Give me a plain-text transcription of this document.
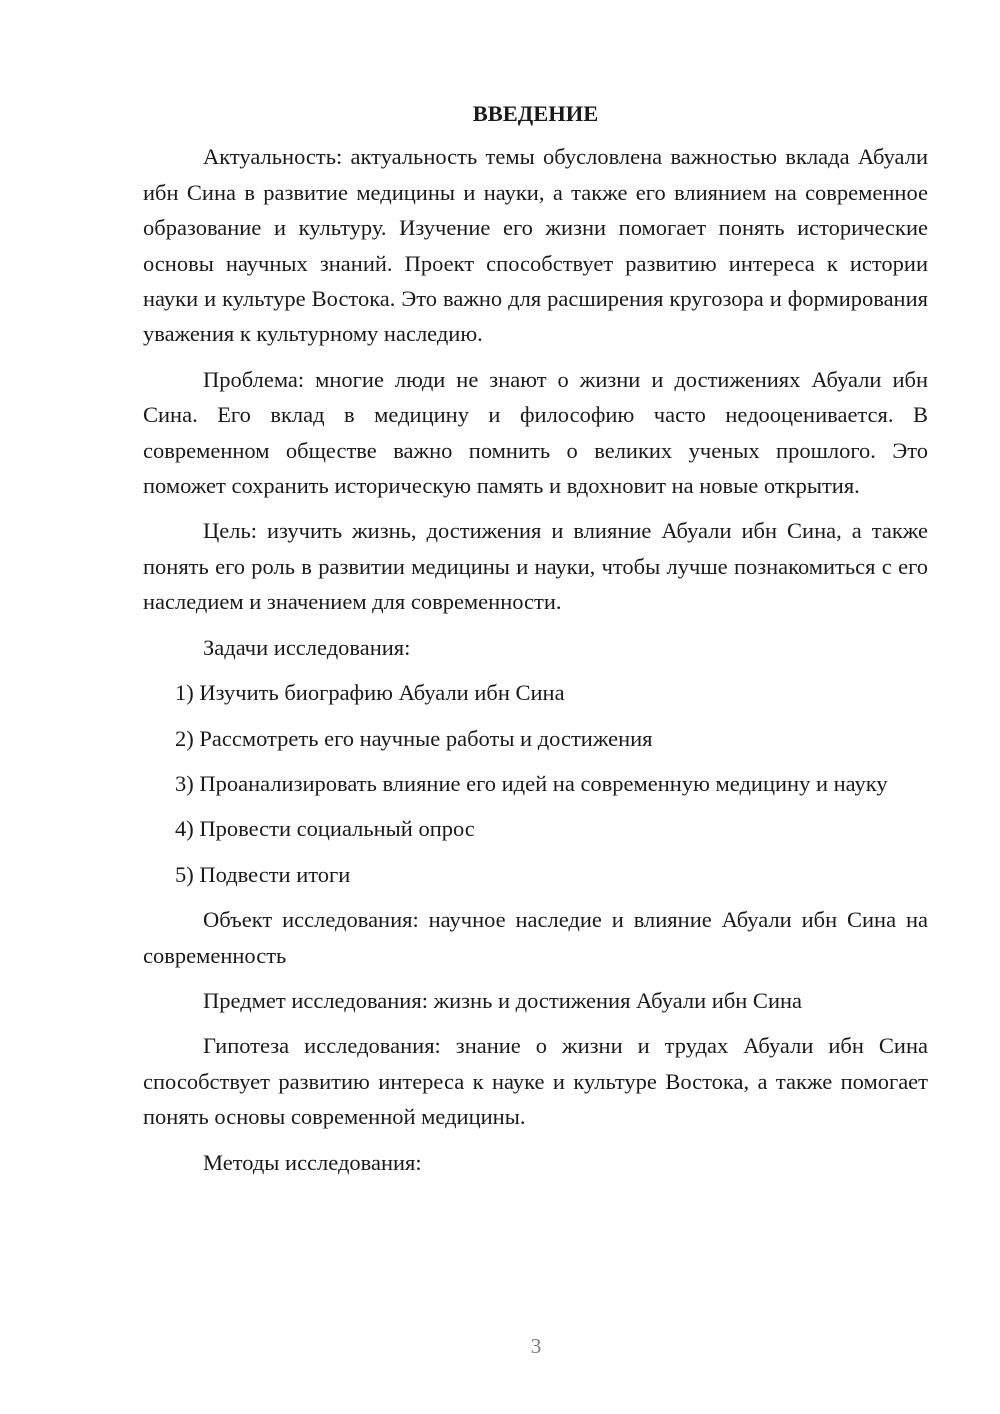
ВВЕДЕНИЕ

Актуальность: актуальность темы обусловлена важностью вклада Абуали ибн Сина в развитие медицины и науки, а также его влиянием на современное образование и культуру. Изучение его жизни помогает понять исторические основы научных знаний. Проект способствует развитию интереса к истории науки и культуре Востока. Это важно для расширения кругозора и формирования уважения к культурному наследию.

Проблема: многие люди не знают о жизни и достижениях Абуали ибн Сина. Его вклад в медицину и философию часто недооценивается. В современном обществе важно помнить о великих ученых прошлого. Это поможет сохранить историческую память и вдохновит на новые открытия.

Цель: изучить жизнь, достижения и влияние Абуали ибн Сина, а также понять его роль в развитии медицины и науки, чтобы лучше познакомиться с его наследием и значением для современности.

Задачи исследования:

1) Изучить биографию Абуали ибн Сина

2) Рассмотреть его научные работы и достижения

3) Проанализировать влияние его идей на современную медицину и науку

4) Провести социальный опрос

5) Подвести итоги

Объект исследования: научное наследие и влияние Абуали ибн Сина на современность

Предмет исследования: жизнь и достижения Абуали ибн Сина

Гипотеза исследования: знание о жизни и трудах Абуали ибн Сина способствует развитию интереса к науке и культуре Востока, а также помогает понять основы современной медицины.

Методы исследования:

3
